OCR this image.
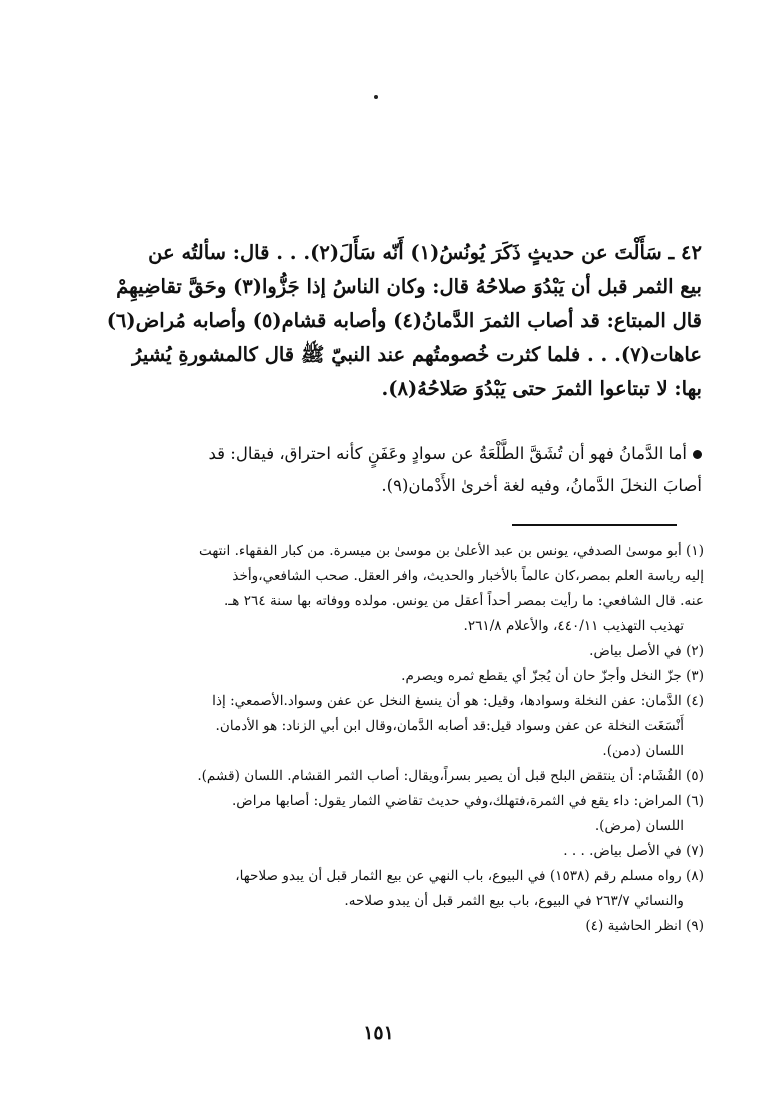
٤٢ ـ سَأَلْتَ عن حديثٍ ذَكَرَ يُونُسُ(١) أَنّه سَأَلَ(٢). . . قال: سألتُه عن

بيع الثمر قبل أن يَبْدُوَ صلاحُهُ قال: وكان الناسُ إذا جَزُّوا(٣) وحَقَّ تقاضِيهِمْ

قال المبتاع: قد أصاب الثمرَ الدَّمانُ(٤) وأصابه قشام(٥) وأصابه مُراض(٦)

عاهات(٧). . . فلما كثرت خُصومتُهم عند النبيّ ﷺ قال كالمشورةِ يُشيرُ

بها: لا تبتاعوا الثمرَ حتى يَبْدُوَ صَلاحُهُ(٨).

أما الدَّمانُ فهو أن تُشَقَّ الطَّلْعَةُ عن سوادٍ وعَفَنٍ كأنه احتراق، فيقال: قد

أصابَ النخلَ الدَّمانُ، وفيه لغة أخرىٰ الأَدْمان(٩).

(١) أبو موسىٰ الصدفي، يونس بن عبد الأعلىٰ بن موسىٰ بن ميسرة. من كبار الفقهاء. انتهت

إليه رياسة العلم بمصر،كان عالماً بالأخبار والحديث، وافر العقل. صحب الشافعي،وأخذ

عنه. قال الشافعي: ما رأيت بمصر أحداً أعقل من يونس. مولده ووفاته بها سنة ٢٦٤ هـ.

تهذيب التهذيب ٤٤٠/١١، والأعلام ٢٦١/٨.

(٢) في الأصل بياض.

(٣) جزّ النخل وأجزّ حان أن يُجزّ أي يقطع ثمره ويصرم.

(٤) الدَّمان: عفن النخلة وسوادها، وقيل: هو أن ينسغ النخل عن عفن وسواد.الأصمعي: إذا

أَنْسَغَت النخلة عن عفن وسواد قيل:قد أصابه الدَّمان،وقال ابن أبي الزناد: هو الأدمان.

اللسان (دمن).

(٥) القُشَام: أن ينتقض البلح قبل أن يصير بسراً،ويقال: أصاب الثمر القشام. اللسان (قشم).

(٦) المراض: داء يقع في الثمرة،فتهلك،وفي حديث تقاضي الثمار يقول: أصابها مراض.

اللسان (مرض).

(٧) في الأصل بياض. . . .

(٨) رواه مسلم رقم (١٥٣٨) في البيوع، باب النهي عن بيع الثمار قبل أن يبدو صلاحها،

والنسائي ٢٦٣/٧ في البيوع، باب بيع الثمر قبل أن يبدو صلاحه.

(٩) انظر الحاشية (٤)

١٥١
